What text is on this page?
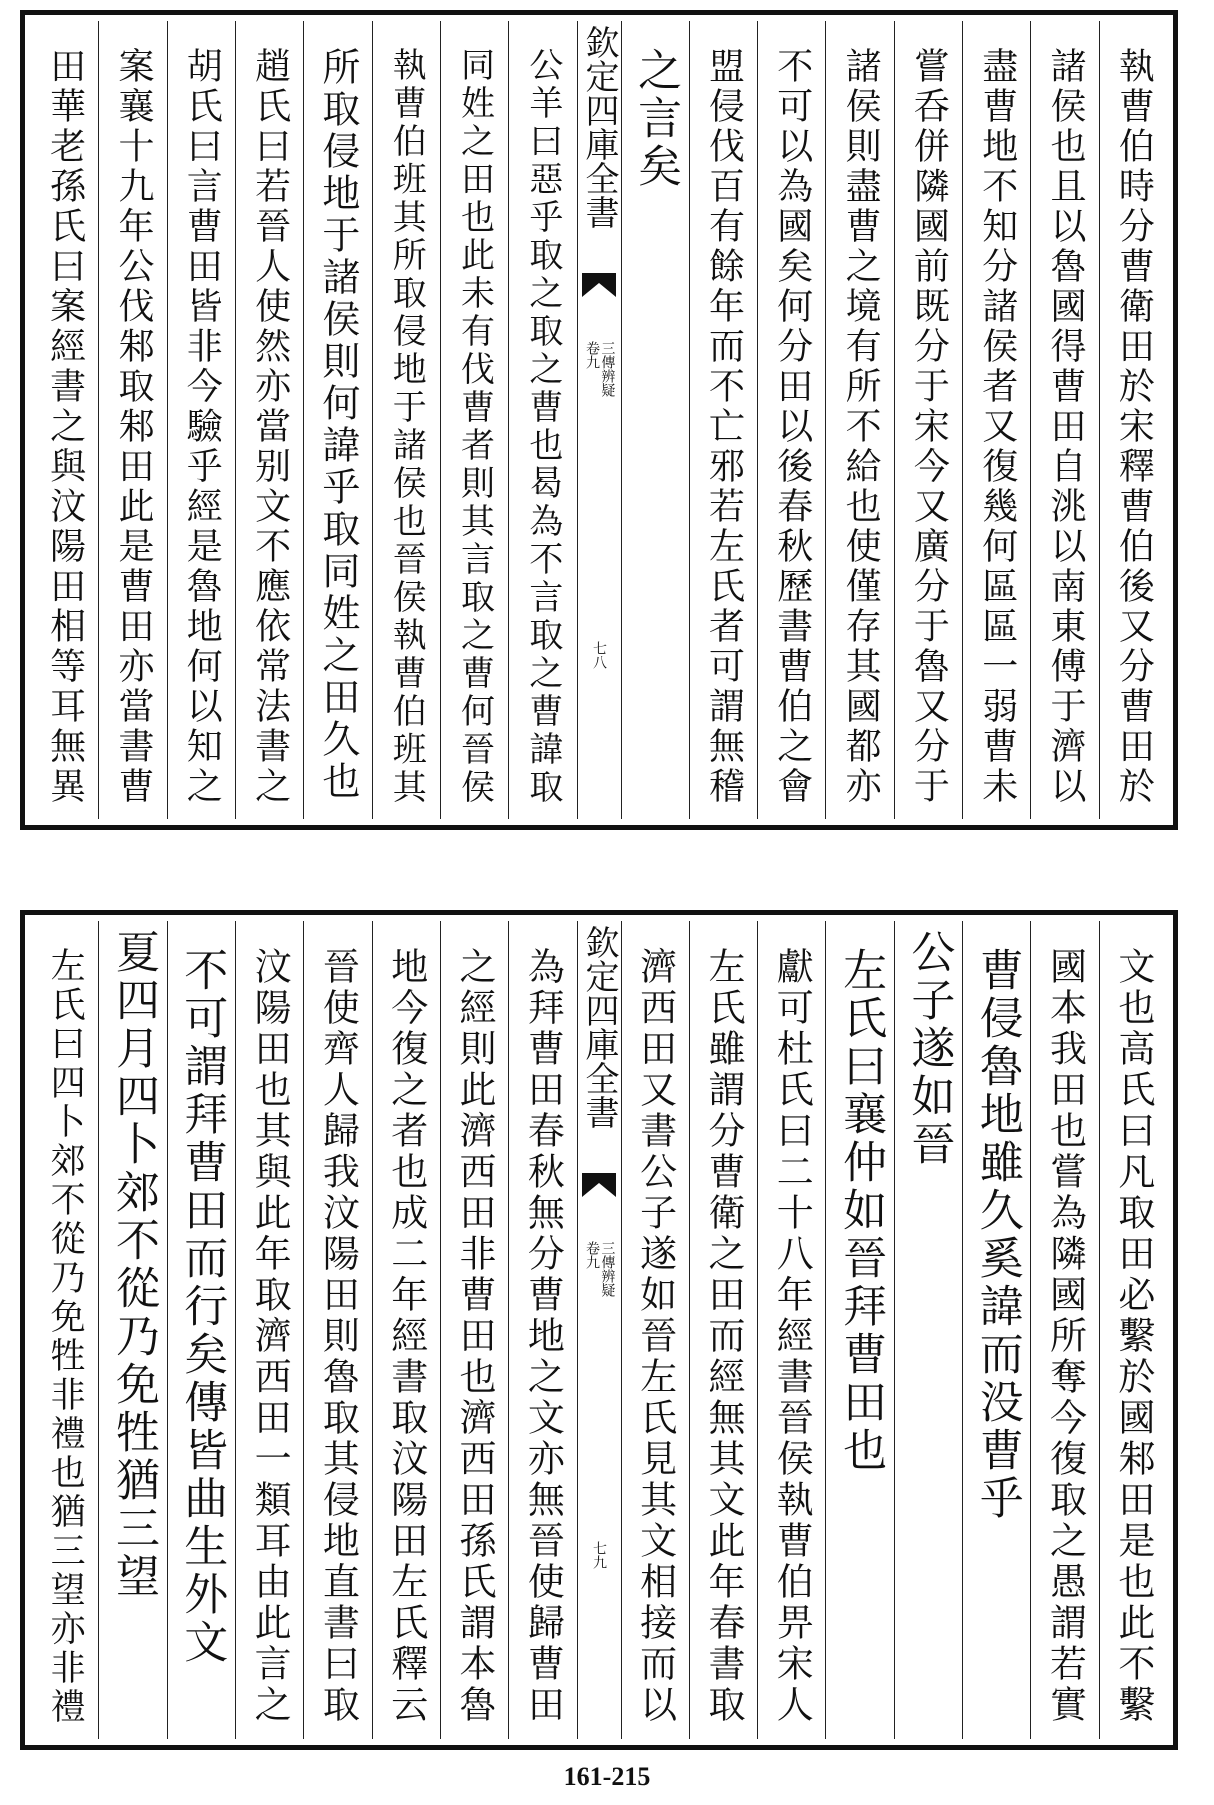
執曹伯時分曹衛田於宋釋曹伯後又分曹田於
諸侯也且以魯國得曹田自洮以南東傅于濟以
盡曹地不知分諸侯者又復幾何區區一弱曹未
嘗呑併隣國前既分于宋今又廣分于魯又分于
諸侯則盡曹之境有所不給也使僅存其國都亦
不可以為國矣何分田以後春秋歷書曹伯之會
盟侵伐百有餘年而不亡邪若左氏者可謂無稽
之言矣
欽定四庫全書
三傳辨疑
卷九
七八
公羊曰惡乎取之取之曹也曷為不言取之曹諱取
同姓之田也此未有伐曹者則其言取之曹何晉侯
執曹伯班其所取侵地于諸侯也晉侯執曹伯班其
所取侵地于諸侯則何諱乎取同姓之田久也
趙氏曰若晉人使然亦當别文不應依常法書之
胡氏曰言曹田皆非今驗乎經是魯地何以知之
案襄十九年公伐邾取邾田此是曹田亦當書曹
田華老孫氏曰案經書之與汶陽田相等耳無異
文也高氏曰凡取田必繫於國邾田是也此不繫
國本我田也嘗為隣國所奪今復取之愚謂若實
曹侵魯地雖久奚諱而没曹乎
公子遂如晉
左氏曰襄仲如晉拜曹田也
獻可杜氏曰二十八年經書晉侯執曹伯畀宋人
左氏雖謂分曹衛之田而經無其文此年春書取
濟西田又書公子遂如晉左氏見其文相接而以
欽定四庫全書
三傳辨疑
卷九
七九
為拜曹田春秋無分曹地之文亦無晉使歸曹田
之經則此濟西田非曹田也濟西田孫氏謂本魯
地今復之者也成二年經書取汶陽田左氏釋云
晉使齊人歸我汶陽田則魯取其侵地直書曰取
汶陽田也其與此年取濟西田一類耳由此言之
不可謂拜曹田而行矣傳皆曲生外文
夏四月四卜郊不從乃免牲猶三望
左氏曰四卜郊不從乃免牲非禮也猶三望亦非禮
161-215
